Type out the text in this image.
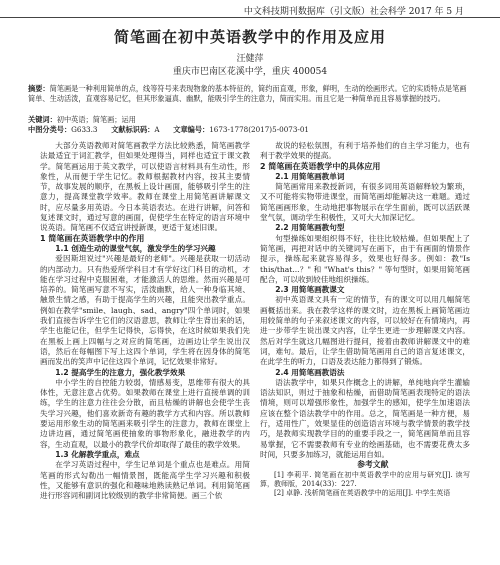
中文科技期刊数据库（引文版）社会科学 2017 年 5 月
简笔画在初中英语教学中的作用及应用
汪健萍
重庆市巴南区花溪中学，重庆 400054
摘要：简笔画是一种利用简单的点，线等符号来表现物象的基本特征的，简约而直观，形象，鲜明，生动的绘画形式。它的实质特点是笔画简单、生动活泼，直观容易记忆，但其形象逼真、幽默，能吸引学生的注意力，简而实用。而且它是一种简单而且容易掌握的技巧。
关键词：初中英语；简笔画；运用
中图分类号：G633.3 文献标识码：A 文章编号：1673-1778(2017)5-0073-01

大部分英语教师对简笔画教学方法比较熟悉，简笔画教学法最适宜于词汇教学，但如果处理得当，同样也适宜于课文教学。简笔画运用于英文教学，可以使语言材料具有生动性，形象性，从而便于学生记忆。教师根据教材内容，按其主要情节，故事发展的顺序，在黑板上设计画面，能够吸引学生的注意力，提高课堂教学效率。教师在课堂上用简笔画讲解课文时，应尽量多用英语。今日本英语表达。在进行讲解，问答和复述课文时，通过写意的画面，促使学生在特定的语言环境中说英语。简笔画不仅适宜讲授新课，更适于复述旧课。

1 简笔画在英语教学中的作用

1.1 创造生动的课堂气氛，激发学生的学习兴趣

爱因斯坦说过"兴趣是最好的老师"。兴趣是获取一切活动的内部动力。只有热爱所学科目才有学好这门科目的动机，才能在学习过程中克服困难，才能激活人的思维。然而兴趣是可培养的。简笔画写意不写实，活泼幽默，给人一种身临其境、触景生情之感，有助于提高学生的兴趣，且能突出教学重点。例如在教学"smile、laugh、sad、angry"四个单词时，如果我们直接告诉学生它们的汉语意思，教师让学生背出来的话，学生也能记住，但学生记得快，忘得快，在这时候如果我们先在黑板上画上四幅与之对应的简笔画，边画边让学生说出汉语，然后在每幅图下写上这四个单词，学生将在因身体的简笔画而发出的笑声中记住这四个单词，记忆效果非常好。

1.2 提高学生的注意力，强化教学效果

中小学生的自控能力较弱，情感易变，思维带有很大的具体性，无意注意占优势。如果教师在课堂上进行直接单调的训练，学生的注意力往往会分散，而且枯燥的讲解也会使学生丧失学习兴趣，他们喜欢新奇有趣的教学方式和内容。所以教师要运用形象生动的简笔画来吸引学生的注意力，教师在课堂上边讲边画，通过简笔画使抽象的事物形象化，融进教学的内容，生动直观，以最小的教学代价却取得了最佳的教学效果。

1.3 化解教学重点，难点

在学习英语过程中，学生记单词是个重点也是难点。用简笔画的形式勾勒出一幅情景图，既能高学生学习兴趣和积极性，又能够有意识的强化和趣味地熟读熟记单词。利用简笔画进行形容词和副词比较级别的教学非常简便。画三个依

故说的轻松氛围，有利于培养他们的自主学习能力，也有利于教学效果的提高。

2 简笔画在英语教学中的具体应用

2.1 用简笔画教单词

简笔画常用来教授新词，有很多词用英语解释较为繁琐，又不可能将实物带进课堂，而简笔画却能解决这一难题。通过简笔画画形象，生动地把事物展示在学生面前，既可以活跃课堂气氛，调动学生积极性，又可大大加深记忆。

2.2 用简笔画教句型

句型操练如果组织得不好，往往比较枯燥。但如果配上了简笔画，再把对话中的关键词写在画下，由于有画面的情景作提示，操练起来就容易得多，效果也好得多。例如：教"Is this/that...？" 和 "What's this？" 等句型时，如果用简笔画配合，可以收到较佳地组织操练。

2.3 用简笔画教课文

初中英语课文具有一定的情节，有的课文可以用几幅简笔画概括出来。我在教学这样的课文时，边在黑板上画简笔画边用较简单的句子来叙述课文的内容，可以较好在有情境内，再进一步带学生说出课文内容，让学生更进一步理解课文内容。然后对学生就这几幅图进行提问，接着由教师讲解课文中的难词，难句。最后，让学生借助简笔画用自己的语言复述课文，在此学生的听力，口语及表达能力都得到了锻炼。

2.4 用简笔画教语法

语法教学中，如果只作概念上的讲解，单纯地向学生灌输语法知识，则过于抽象和枯燥，而借助简笔画表现特定的语法情境，则可以增强形象性，加强学生的感知，使学生加速语法应该在整个语法教学中的作用。总之，简笔画是一种方便，易行，适用性广，效果显佳的创造语言环境与教学情景的教学技巧，是教师实现教学目的的重要手段之一，简笔画简单而且容易掌握，它不需要教师有专业的绘画基础，也不需要花费太多时间，只要多加练习，就能运用自如。

参考文献

[1] 李莉平. 简笔画在初中英语教学中的应用与研究[J]. 读写算，教师版，2014(33)：227.

[2] 卓静. 浅析简笔画在英语教学中的运用[J]. 中学生英语
